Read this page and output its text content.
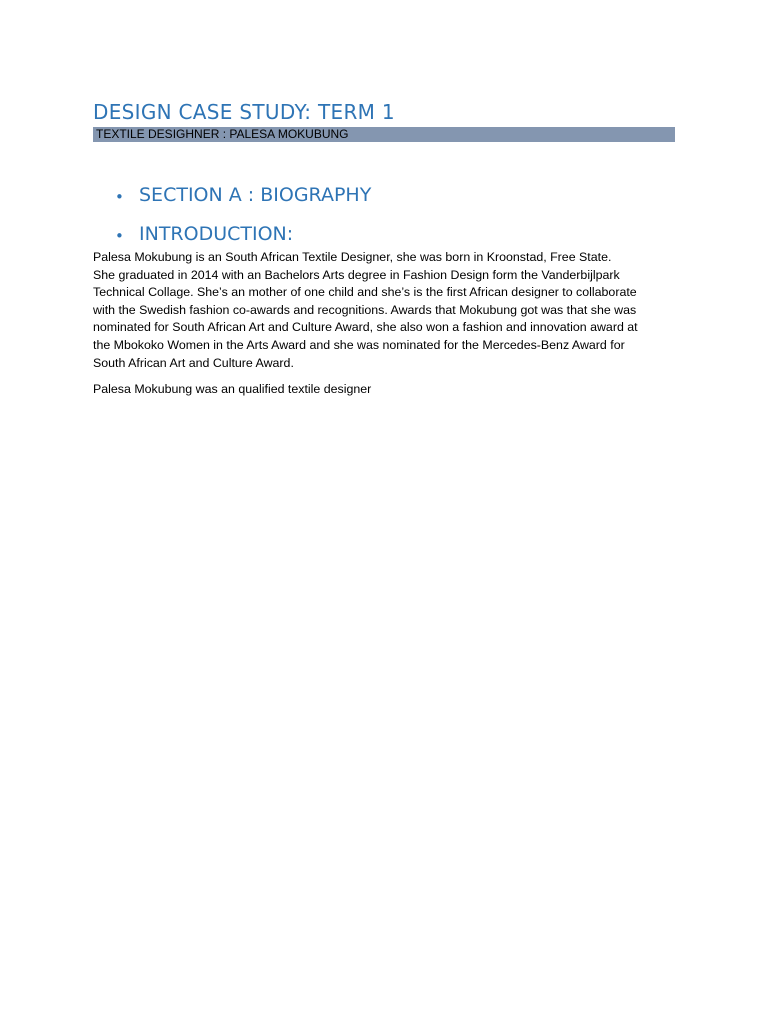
DESIGN CASE STUDY: TERM 1
TEXTILE DESIGHNER : PALESA MOKUBUNG
• SECTION A : BIOGRAPHY
• INTRODUCTION:

Palesa Mokubung is an South African Textile Designer, she was born in Kroonstad, Free State.
She graduated in 2014 with an Bachelors Arts degree in Fashion Design form the Vanderbijlpark
Technical Collage. She’s an mother of one child and she’s is the first African designer to collaborate
with the Swedish fashion co-awards and recognitions. Awards that Mokubung got was that she was
nominated for South African Art and Culture Award, she also won a fashion and innovation award at
the Mbokoko Women in the Arts Award and she was nominated for the Mercedes-Benz Award for
South African Art and Culture Award.

Palesa Mokubung was an qualified textile designer
